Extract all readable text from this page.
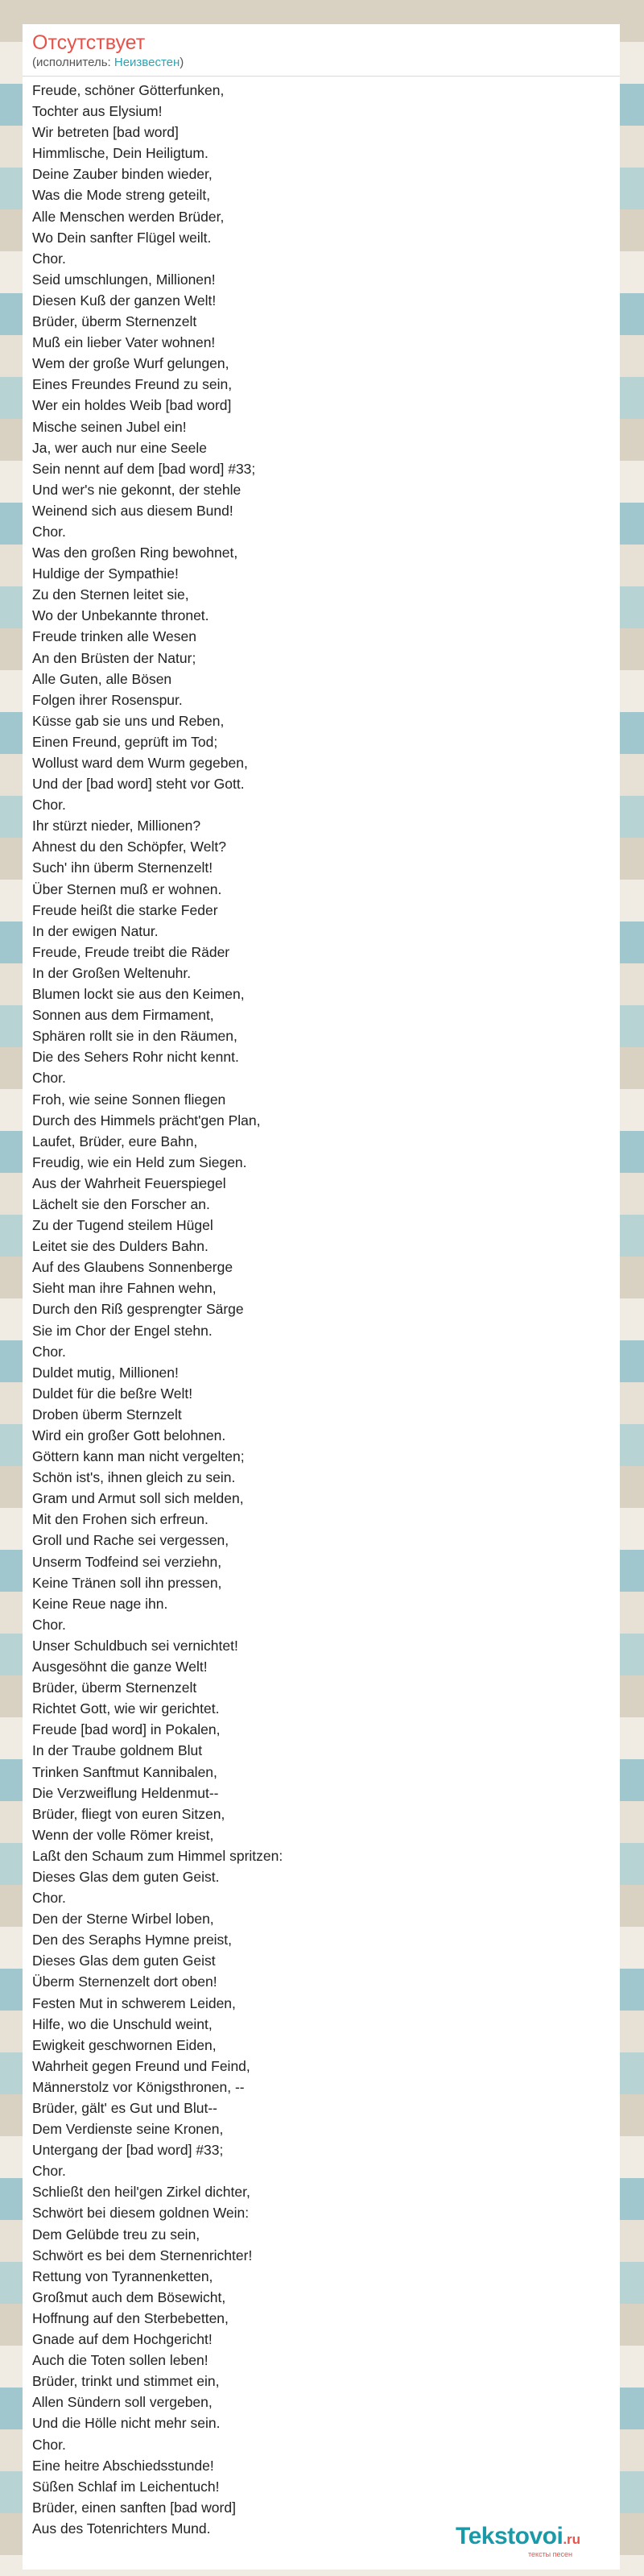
Отсутствует
(исполнитель: Неизвестен)
Freude, schöner Götterfunken,
Tochter aus Elysium!
Wir betreten [bad word]
Himmlische, Dein Heiligtum.
Deine Zauber binden wieder,
Was die Mode streng geteilt,
Alle Menschen werden Brüder,
Wo Dein sanfter Flügel weilt.
Chor.
Seid umschlungen, Millionen!
Diesen Kuß der ganzen Welt!
Brüder, überm Sternenzelt
Muß ein lieber Vater wohnen!
Wem der große Wurf gelungen,
Eines Freundes Freund zu sein,
Wer ein holdes Weib [bad word]
Mische seinen Jubel ein!
Ja, wer auch nur eine Seele
Sein nennt auf dem [bad word] #33;
Und wer's nie gekonnt, der stehle
Weinend sich aus diesem Bund!
Chor.
Was den großen Ring bewohnet,
Huldige der Sympathie!
Zu den Sternen leitet sie,
Wo der Unbekannte thronet.
Freude trinken alle Wesen
An den Brüsten der Natur;
Alle Guten, alle Bösen
Folgen ihrer Rosenspur.
Küsse gab sie uns und Reben,
Einen Freund, geprüft im Tod;
Wollust ward dem Wurm gegeben,
Und der [bad word] steht vor Gott.
Chor.
Ihr stürzt nieder, Millionen?
Ahnest du den Schöpfer, Welt?
Such' ihn überm Sternenzelt!
Über Sternen muß er wohnen.
Freude heißt die starke Feder
In der ewigen Natur.
Freude, Freude treibt die Räder
In der Großen Weltenuhr.
Blumen lockt sie aus den Keimen,
Sonnen aus dem Firmament,
Sphären rollt sie in den Räumen,
Die des Sehers Rohr nicht kennt.
Chor.
Froh, wie seine Sonnen fliegen
Durch des Himmels prächt'gen Plan,
Laufet, Brüder, eure Bahn,
Freudig, wie ein Held zum Siegen.
Aus der Wahrheit Feuerspiegel
Lächelt sie den Forscher an.
Zu der Tugend steilem Hügel
Leitet sie des Dulders Bahn.
Auf des Glaubens Sonnenberge
Sieht man ihre Fahnen wehn,
Durch den Riß gesprengter Särge
Sie im Chor der Engel stehn.
Chor.
Duldet mutig, Millionen!
Duldet für die beßre Welt!
Droben überm Sternzelt
Wird ein großer Gott belohnen.
Göttern kann man nicht vergelten;
Schön ist's, ihnen gleich zu sein.
Gram und Armut soll sich melden,
Mit den Frohen sich erfreun.
Groll und Rache sei vergessen,
Unserm Todfeind sei verziehn,
Keine Tränen soll ihn pressen,
Keine Reue nage ihn.
Chor.
Unser Schuldbuch sei vernichtet!
Ausgesöhnt die ganze Welt!
Brüder, überm Sternenzelt
Richtet Gott, wie wir gerichtet.
Freude [bad word] in Pokalen,
In der Traube goldnem Blut
Trinken Sanftmut Kannibalen,
Die Verzweiflung Heldenmut--
Brüder, fliegt von euren Sitzen,
Wenn der volle Römer kreist,
Laßt den Schaum zum Himmel spritzen:
Dieses Glas dem guten Geist.
Chor.
Den der Sterne Wirbel loben,
Den des Seraphs Hymne preist,
Dieses Glas dem guten Geist
Überm Sternenzelt dort oben!
Festen Mut in schwerem Leiden,
Hilfe, wo die Unschuld weint,
Ewigkeit geschwornen Eiden,
Wahrheit gegen Freund und Feind,
Männerstolz vor Königsthronen, --
Brüder, gält' es Gut und Blut--
Dem Verdienste seine Kronen,
Untergang der [bad word] #33;
Chor.
Schließt den heil'gen Zirkel dichter,
Schwört bei diesem goldnen Wein:
Dem Gelübde treu zu sein,
Schwört es bei dem Sternenrichter!
Rettung von Tyrannenketten,
Großmut auch dem Bösewicht,
Hoffnung auf den Sterbebetten,
Gnade auf dem Hochgericht!
Auch die Toten sollen leben!
Brüder, trinkt und stimmet ein,
Allen Sündern soll vergeben,
Und die Hölle nicht mehr sein.
Chor.
Eine heitre Abschiedsstunde!
Süßen Schlaf im Leichentuch!
Brüder, einen sanften [bad word]
Aus des Totenrichters Mund.	Tekstovoi.ru
тексты песен
